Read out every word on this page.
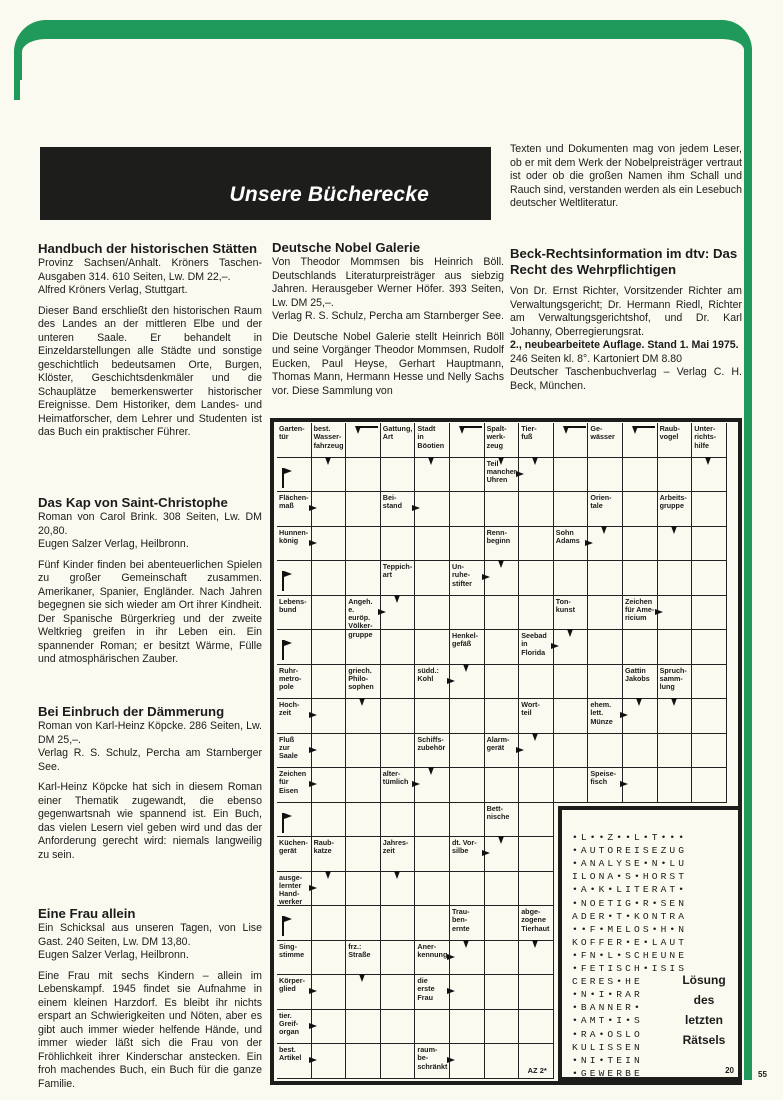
Unsere Bücherecke
Handbuch der historischen Stätten
Provinz Sachsen/Anhalt. Kröners Taschen-Ausgaben 314. 610 Seiten, Lw. DM 22,–.
Alfred Kröners Verlag, Stuttgart.

Dieser Band erschließt den historischen Raum des Landes an der mittleren Elbe und der unteren Saale. Er behandelt in Einzeldarstellungen alle Städte und sonstige geschichtlich bedeutsamen Orte, Burgen, Klöster, Geschichtsdenkmäler und die Schauplätze bemerkenswerter historischer Ereignisse. Dem Historiker, dem Landes- und Heimatforscher, dem Lehrer und Studenten ist das Buch ein praktischer Führer.

Das Kap von Saint-Christophe
Roman von Carol Brink. 308 Seiten, Lw. DM 20,80.
Eugen Salzer Verlag, Heilbronn.

Fünf Kinder finden bei abenteuerlichen Spielen zu großer Gemeinschaft zusammen. Amerikaner, Spanier, Engländer. Nach Jahren begegnen sie sich wieder am Ort ihrer Kindheit. Der Spanische Bürgerkrieg und der zweite Weltkrieg greifen in ihr Leben ein. Ein spannender Roman; er besitzt Wärme, Fülle und atmosphärischen Zauber.

Bei Einbruch der Dämmerung
Roman von Karl-Heinz Köpcke. 286 Seiten, Lw. DM 25,–.
Verlag R. S. Schulz, Percha am Starnberger See.

Karl-Heinz Köpcke hat sich in diesem Roman einer Thematik zugewandt, die ebenso gegenwartsnah wie spannend ist. Ein Buch, das vielen Lesern viel geben wird und das der Anforderung gerecht wird: niemals langweilig zu sein.

Eine Frau allein
Ein Schicksal aus unseren Tagen, von Lise Gast. 240 Seiten, Lw. DM 13,80.
Eugen Salzer Verlag, Heilbronn.

Eine Frau mit sechs Kindern – allein im Lebenskampf. 1945 findet sie Aufnahme in einem kleinen Harzdorf. Es bleibt ihr nichts erspart an Schwierigkeiten und Nöten, aber es gibt auch immer wieder helfende Hände, und immer wieder läßt sich die Frau von der Fröhlichkeit ihrer Kinderschar anstecken. Ein froh machendes Buch, ein Buch für die ganze Familie.

Deutsche Nobel Galerie
Von Theodor Mommsen bis Heinrich Böll. Deutschlands Literaturpreisträger aus siebzig Jahren. Herausgeber Werner Höfer. 393 Seiten, Lw. DM 25,–.
Verlag R. S. Schulz, Percha am Starnberger See.

Die Deutsche Nobel Galerie stellt Heinrich Böll und seine Vorgänger Theodor Mommsen, Rudolf Eucken, Paul Heyse, Gerhart Hauptmann, Thomas Mann, Hermann Hesse und Nelly Sachs vor. Diese Sammlung von

Texten und Dokumenten mag von jedem Leser, ob er mit dem Werk der Nobelpreisträger vertraut ist oder ob die großen Namen ihm Schall und Rauch sind, verstanden werden als ein Lesebuch deutscher Weltliteratur.

Beck-Rechtsinformation im dtv: Das Recht des Wehrpflichtigen
Von Dr. Ernst Richter, Vorsitzender Richter am Verwaltungsgericht; Dr. Hermann Riedl, Richter am Verwaltungsgerichtshof, und Dr. Karl Johanny, Oberregierungsrat.
2., neubearbeitete Auflage. Stand 1. Mai 1975.
246 Seiten kl. 8°. Kartoniert DM 8.80
Deutscher Taschenbuchverlag – Verlag C. H. Beck, München.
Garten-
tür
best.
Wasser-
fahrzeug
Gattung,
Art
Stadt
in
Böotien
Spalt-
werk-
zeug
Tier-
fuß
Ge-
wässer
Raub-
vogel
Unter-
richts-
hilfe
Teil
mancher
Uhren
Flächen-
maß
Bei-
stand
Orien-
tale
Arbeits-
gruppe
Hunnen-
könig
Renn-
beginn
Sohn
Adams
Teppich-
art
Un-
ruhe-
stifter
Lebens-
bund
Angeh. e.
euröp.
Völker-
gruppe
Ton-
kunst
Zeichen
für Ame-
ricium
Henkel-
gefäß
Seebad
in
Florida
Ruhr-
metro-
pole
griech.
Philo-
sophen
südd.:
Kohl
Gattin
Jakobs
Spruch-
samm-
lung
Hoch-
zeit
Wort-
teil
ehem.
lett.
Münze
Fluß
zur
Saale
Schiffs-
zubehör
Alarm-
gerät
Zeichen
für
Eisen
alter-
tümlich
Speise-
fisch
Bett-
nische
Küchen-
gerät
Raub-
katze
Jahres-
zeit
dt. Vor-
silbe
ausge-
lernter
Hand-
werker
Trau-
ben-
ernte
abge-
zogene
Tierhaut
Sing-
stimme
frz.:
Straße
Aner-
kennung
Körper-
glied
die
erste
Frau
tier.
Greif-
organ
best.
Artikel
raum-
be-
schränkt
AZ 2*
Lösung
des
letzten
Rätsels
20
•L••Z••L•T•••
•AUTOREISEZUG
•ANALYSE•N•LU
ILONA•S•HORST
•A•K•LITERAT•
•NOETIG•R•SEN
ADER•T•KONTRA
••F•MELOS•H•N
KOFFER•E•LAUT
•FN•L•SCHEUNE
•FETISCH•ISIS
CERES•HE
•N•I•RAR
•BANNER•
•AMT•I•S
•RA•OSLO
KULISSEN
•NI•TEIN
•GEWERBE	55
